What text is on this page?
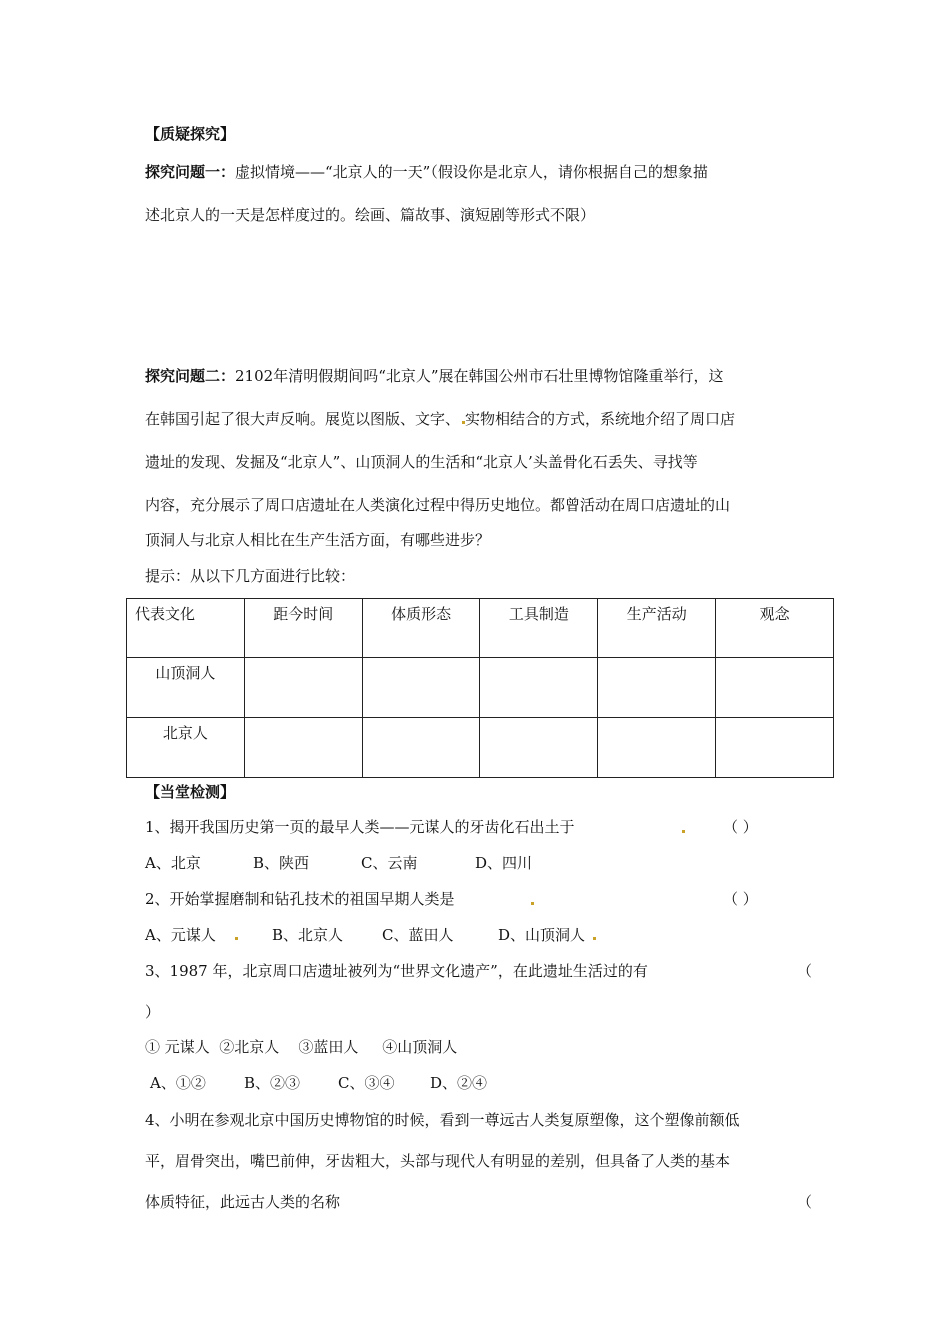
【质疑探究】
探究问题一：虚拟情境——“北京人的一天”（假设你是北京人，请你根据自己的想象描
述北京人的一天是怎样度过的。绘画、篇故事、演短剧等形式不限）
探究问题二：2102年清明假期间吗“北京人”展在韩国公州市石壮里博物馆隆重举行，这
在韩国引起了很大声反响。展览以图版、文字、 实物相结合的方式，系统地介绍了周口店
遗址的发现、发掘及“北京人”、山顶洞人的生活和“北京人’头盖骨化石丢失、寻找等
内容，充分展示了周口店遗址在人类演化过程中得历史地位。都曾活动在周口店遗址的山
顶洞人与北京人相比在生产生活方面，有哪些进步？
提示：从以下几方面进行比较：
代表文化	距今时间	体质形态	工具制造	生产活动	观念
山顶洞人					
北京人					
【当堂检测】
1、揭开我国历史第一页的最早人类——元谋人的牙齿化石出土于	（ ）
A、北京	B、陕西	C、云南	D、四川
2、开始掌握磨制和钻孔技术的祖国早期人类是	（ ）
A、元谋人	B、北京人	C、蓝田人	D、山顶洞人
3、1987 年，北京周口店遗址被列为“世界文化遗产”，在此遗址生活过的有	（
）
① 元谋人  ②北京人    ③蓝田人     ④山顶洞人
A、①②	B、②③	C、③④ D、②④
4、小明在参观北京中国历史博物馆的时候，看到一尊远古人类复原塑像，这个塑像前额低
平，眉骨突出，嘴巴前伸，牙齿粗大，头部与现代人有明显的差别，但具备了人类的基本
体质特征，此远古人类的名称	（
